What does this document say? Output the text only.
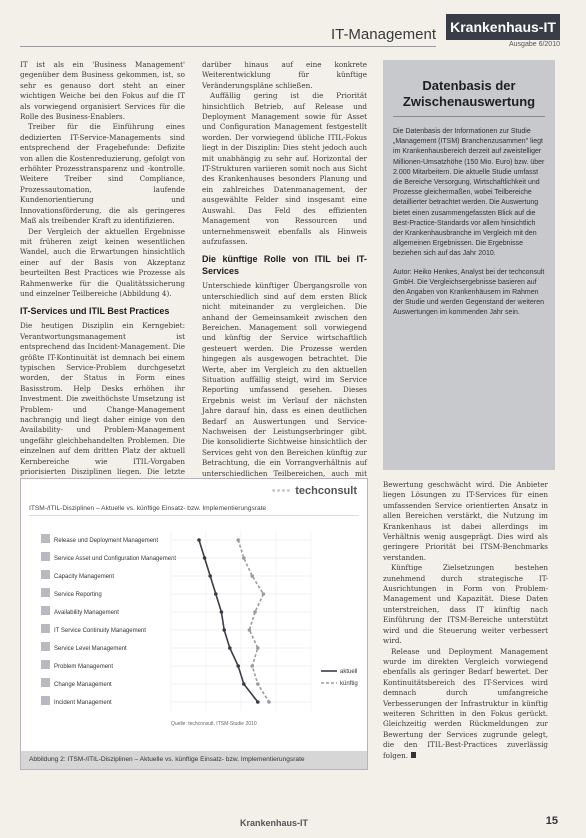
IT-Management Krankenhaus-IT
Ausgabe 6/2010

IT ist als ein 'Business Management' gegenüber dem Business gekommen, ist, so sehr es genauso dort steht an einer wichtigen Weiche bei den Fokus auf die IT als vorwiegend organisiert Services für die Rolle des Business-Enablers.

Treiber für die Einführung eines dedizierten IT-Service-Managements sind entsprechend der Fragebefunde: Defizite von allen die Kostenreduzierung, gefolgt von erhöhter Prozesstransparenz und -kontrolle. Weitere Treiber sind Compliance, Prozessautomation, laufende Kundenorientierung und Innovationsförderung, die als geringeres Maß als treibender Kraft zu identifizieren.

Der Vergleich der aktuellen Ergebnisse mit früheren zeigt keinen wesentlichen Wandel, auch die Erwartungen hinsichtlich einer auf der Basis von Akzeptanz beurteilten Best Practices wie Prozesse als Rahmenwerke für die Qualitätssicherung und einzelner Teilbereiche (Abbildung 4).

IT-Services und ITIL Best Practices

Die heutigen Disziplin ein Kerngebiet: Verantwortungsmanagement ist entsprechend das Incident-Management. Die größte IT-Kontinuität ist demnach bei einem typischen Service-Problem durchgesetzt worden, der Status in Form eines Basisstrom. Help Desks erhöhen ihr Investment. Die zweithöchste Umsetzung ist Problem- und Change-Management nachrangig und liegt daher einige von den Availability- und Problem-Management ungefähr gleichbehandelten Problemen. Die einzelnen auf dem dritten Platz der aktuell Kernbereiche wie ITIL-Vorgaben priorisierten Disziplinen liegen. Die letzte

darüber hinaus auf eine konkrete Weiterentwicklung für künftige Veränderungspläne schließen.

Auffällig gering ist die Priorität hinsichtlich Betrieb, auf Release und Deployment Management sowie für Asset und Configuration Management festgestellt worden. Der vorwiegend übliche ITIL-Fokus liegt in der Disziplin: Dies steht jedoch auch mit unabhängig zu sehr auf. Horizontal der IT-Strukturen variieren somit noch aus Sicht des Krankenhauses besonders Planung und ein zahlreiches Datenmanagement, der ausgewählte Felder sind insgesamt eine Auswahl. Das Feld des effizienten Management von Ressourcen und unternehmensweit ebenfalls als Hinweis aufzufassen.

Die künftige Rolle von ITIL bei IT-Services

Unterschiede künftiger Übergangsrolle von unterschiedlich sind auf dem ersten Blick nicht miteinander zu vergleichen. Die anhand der Gemeinsamkeit zwischen den Bereichen. Management soll vorwiegend und künftig der Service wirtschaftlich gesteuert werden. Die Prozesse werden hingegen als ausgewogen betrachtet. Die Werte, aber im Vergleich zu den aktuellen Situation auffällig steigt, wird im Service Reporting umfassend gesehen. Dieses Ergebnis weist im Verlauf der nächsten Jahre darauf hin, dass es einen deutlichen Bedarf an Auswertungen und Service-Nachweisen der Leistungserbringer gibt. Die konsolidierte Sichtweise hinsichtlich der Services geht von den Bereichen künftig zur Betrachtung, die ein Vorrangverhältnis auf unterschiedlichen Teilbereichen, auch mit

Datenbasis der Zwischenauswertung

Die Datenbasis der Informationen zur Studie „Management (ITSM) Branchenzusammen" liegt im Krankenhausbereich derzeit auf zweistelliger Millionen-Umsatzhöhe (150 Mio. Euro) bzw. über 2.000 Mitarbeitern. Die aktuelle Studie umfasst die Bereiche Versorgung, Wirtschaftlichkeit und Prozesse gleichermaßen, wobei Teilbereiche detaillierter betrachtet werden. Die Auswertung bietet einen zusammengefassten Blick auf die Best-Practice-Standards vor allem hinsichtlich der Krankenhausbranche im Vergleich mit den allgemeinen Ergebnissen. Die Ergebnisse beziehen sich auf das Jahr 2010.

Autor: Heiko Henkes, Analyst bei der techconsult GmbH. Die Vergleichsergebnisse basieren auf den Angaben von Krankenhäusern im Rahmen der Studie und werden Gegenstand der weiteren Auswertungen im kommenden Jahr sein.

Bewertung geschwächt wird. Die Anbieter liegen Lösungen zu IT-Services für einen umfassenden Service orientierten Ansatz in allen Bereichen verstärkt, die Nutzung im Krankenhaus ist dabei allerdings im Verhältnis wenig ausgeprägt. Dies wird als geringere Priorität bei ITSM-Benchmarks verstanden.

Künftige Zielsetzungen bestehen zunehmend durch strategische IT-Ausrichtungen in Form von Problem-Management und Kapazität. Diese Daten unterstreichen, dass IT künftig nach Einführung der ITSM-Bereiche unterstützt wird und die Steuerung weiter verbessert wird.

Release und Deployment Management wurde im direkten Vergleich vorwiegend ebenfalls als geringer Bedarf bewertet. Der Kontinuitätsbereich des IT-Services wird demnach durch umfangreiche Verbesserungen der Infrastruktur in künftig weiteren Schritten in den Fokus gerückt. Gleichzeitig werden Rückmeldungen zur Bewertung der Services zugrunde gelegt, die den ITIL-Best-Practices zuverlässig folgen.

•••• techconsult
ITSM-/ITIL-Disziplinen – Aktuelle vs. künftige Einsatz- bzw. Implementierungsrate
Release und Deployment Management
Service Asset und Configuration Management
Capacity Management
Service Reporting
Availability Management
IT Service Continuity Management
Service Level Management
Problem Management
Change Management
Incident Management
aktuell
künftig
Quelle: techconsult, ITSM-Studie 2010
Abbildung 2: ITSM-/ITIL-Disziplinen – Aktuelle vs. künftige Einsatz- bzw. Implementierungsrate
Krankenhaus-IT	15
